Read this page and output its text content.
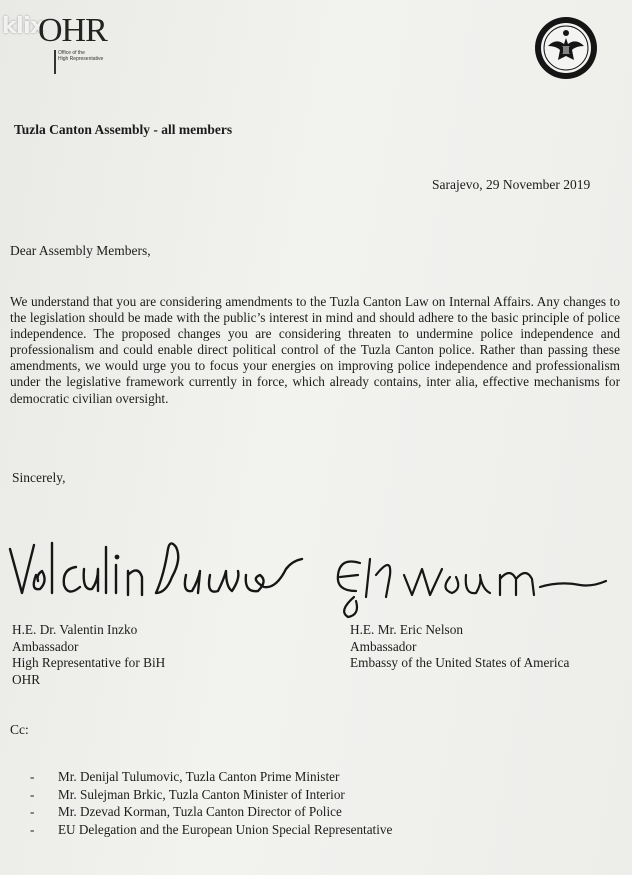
klix
OHR
Office of the
High Representative
Tuzla Canton Assembly - all members
Sarajevo, 29 November 2019
Dear Assembly Members,
We understand that you are considering amendments to the Tuzla Canton Law on Internal Affairs. Any changes to the legislation should be made with the public’s interest in mind and should adhere to the basic principle of police independence. The proposed changes you are considering threaten to undermine police independence and professionalism and could enable direct political control of the Tuzla Canton police. Rather than passing these amendments, we would urge you to focus your energies on improving police independence and professionalism under the legislative framework currently in force, which already contains, inter alia, effective mechanisms for democratic civilian oversight.
Sincerely,
H.E. Dr. Valentin Inzko
Ambassador
High Representative for BiH
OHR
H.E. Mr. Eric Nelson
Ambassador
Embassy of the United States of America
Cc:
- Mr. Denijal Tulumovic, Tuzla Canton Prime Minister
- Mr. Sulejman Brkic, Tuzla Canton Minister of Interior
- Mr. Dzevad Korman, Tuzla Canton Director of Police
- EU Delegation and the European Union Special Representative
